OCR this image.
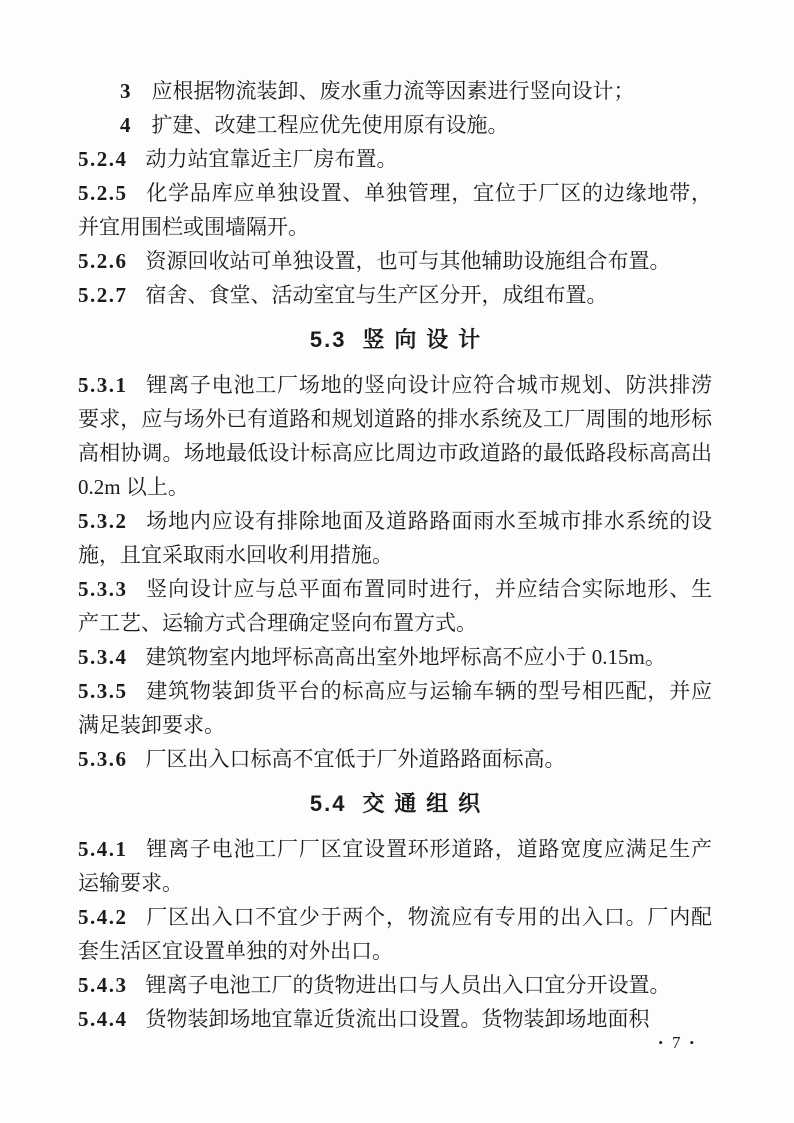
3 应根据物流装卸、废水重力流等因素进行竖向设计；

4 扩建、改建工程应优先使用原有设施。

5.2.4 动力站宜靠近主厂房布置。

5.2.5 化学品库应单独设置、单独管理，宜位于厂区的边缘地带，并宜用围栏或围墙隔开。

5.2.6 资源回收站可单独设置，也可与其他辅助设施组合布置。

5.2.7 宿舍、食堂、活动室宜与生产区分开，成组布置。

5.3 竖向设计

5.3.1 锂离子电池工厂场地的竖向设计应符合城市规划、防洪排涝要求，应与场外已有道路和规划道路的排水系统及工厂周围的地形标高相协调。场地最低设计标高应比周边市政道路的最低路段标高高出 0.2m 以上。

5.3.2 场地内应设有排除地面及道路路面雨水至城市排水系统的设施，且宜采取雨水回收利用措施。

5.3.3 竖向设计应与总平面布置同时进行，并应结合实际地形、生产工艺、运输方式合理确定竖向布置方式。

5.3.4 建筑物室内地坪标高高出室外地坪标高不应小于 0.15m。

5.3.5 建筑物装卸货平台的标高应与运输车辆的型号相匹配，并应满足装卸要求。

5.3.6 厂区出入口标高不宜低于厂外道路路面标高。

5.4 交通组织

5.4.1 锂离子电池工厂厂区宜设置环形道路，道路宽度应满足生产运输要求。

5.4.2 厂区出入口不宜少于两个，物流应有专用的出入口。厂内配套生活区宜设置单独的对外出口。

5.4.3 锂离子电池工厂的货物进出口与人员出入口宜分开设置。

5.4.4 货物装卸场地宜靠近货流出口设置。货物装卸场地面积

• 7 •
